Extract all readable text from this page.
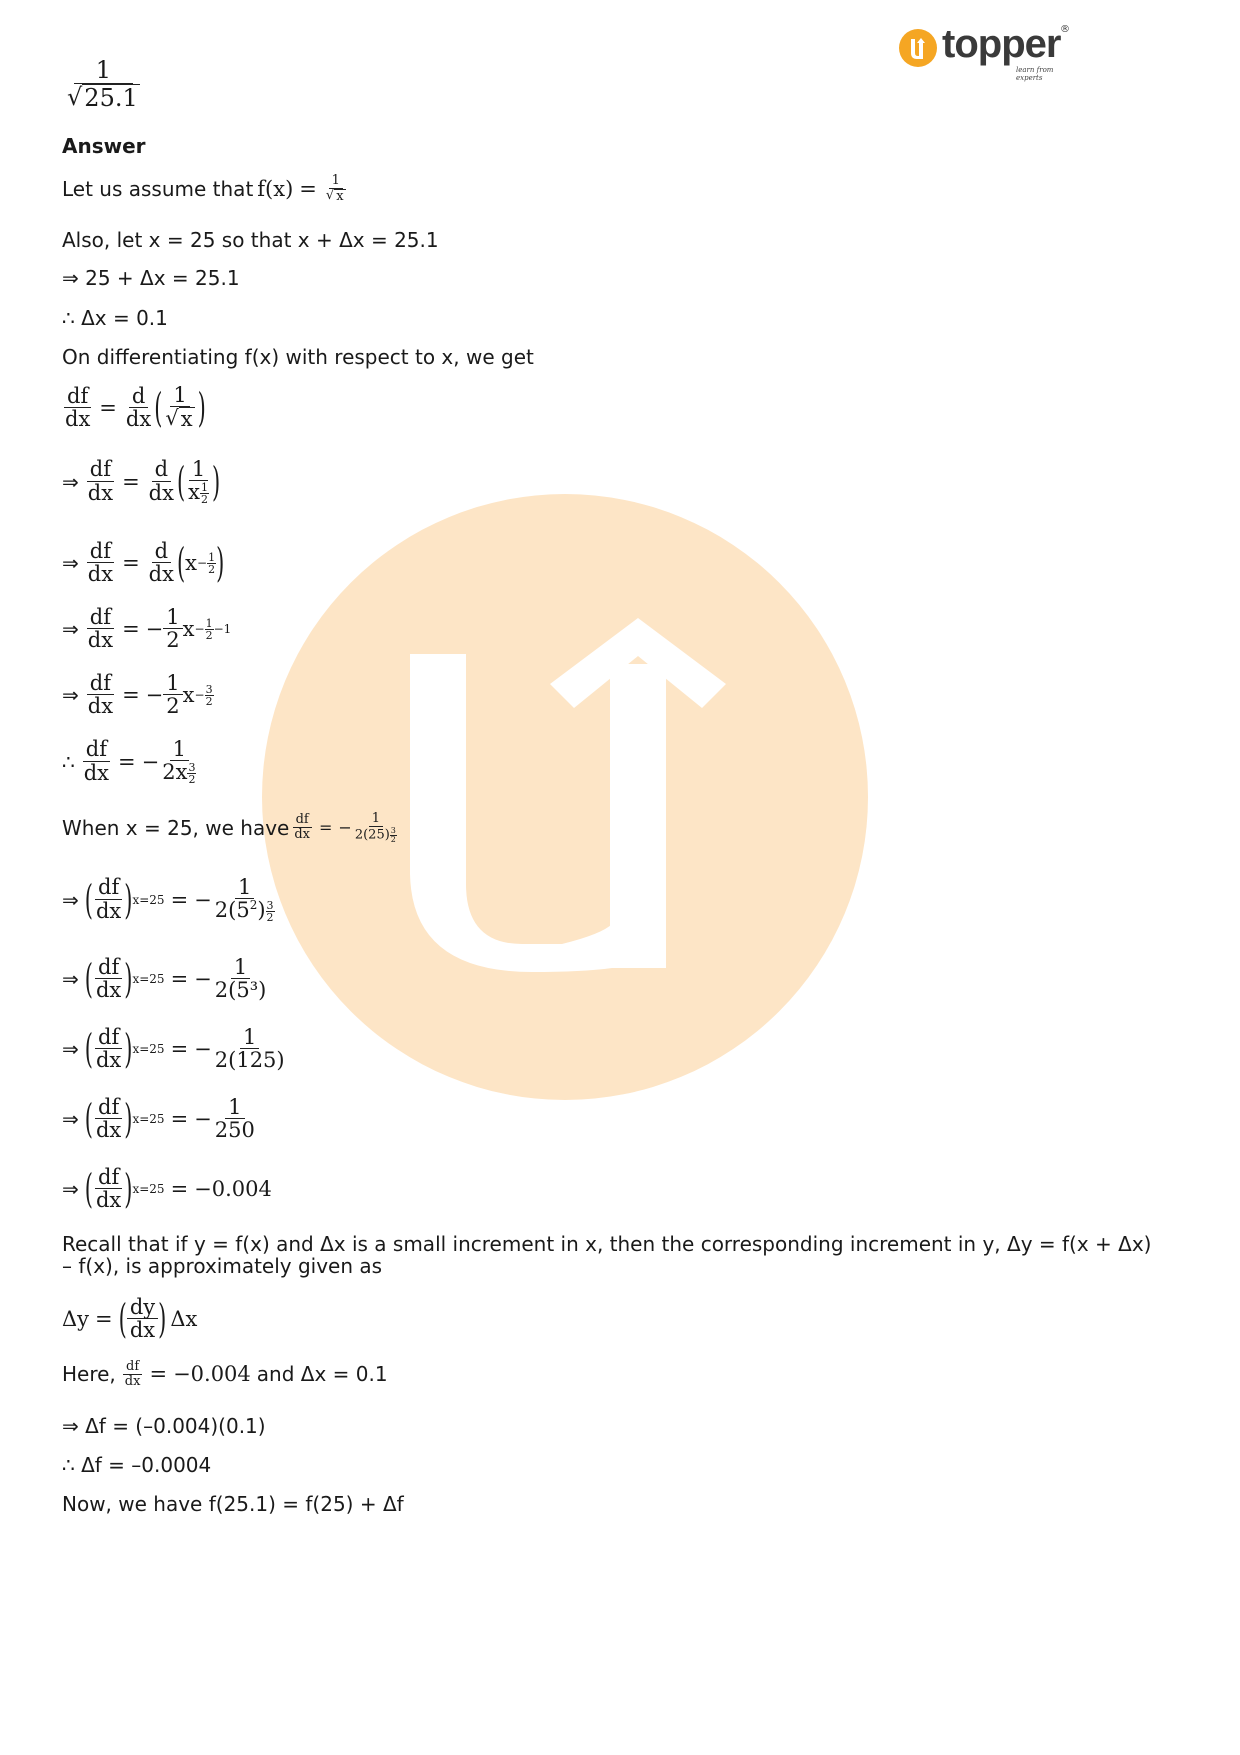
topper ®
learn from experts
$\frac{1}{√ 25.1}$
Answer
Let us assume that $f(x) = \frac{1}{√ x}$
Also, let x = 25 so that x + Δx = 25.1
⇒ 25 + Δx = 25.1
∴ Δx = 0.1
On differentiating f(x) with respect to x, we get
$\frac{df}{dx} = \frac{d}{dx}$ ( $\frac{1}{√ x}$ )
⇒ $\frac{df}{dx} = \frac{d}{dx}$ ( $\frac{1}{x \frac{1}{2}}$ )
⇒ $\frac{df}{dx} = \frac{d}{dx}$ ( $x - \frac{1}{2}$ )
⇒ $\frac{df}{dx}$ = − $\frac{1}{2}$ $x - \frac{1}{2} -1$
⇒ $\frac{df}{dx}$ = − $\frac{1}{2}$ $x - \frac{3}{2}$
∴ $\frac{df}{dx}$ = − $\frac{1}{2x \frac{3}{2}}$
When x = 25, we have $\frac{df}{dx}$ = − $\frac{1}{2(25) \frac{3}{2}}$
⇒ ( $\frac{df}{dx}$ ) x=25 = − $\frac{1}{2(5^2) \frac{3}{2}}$
⇒ ( $\frac{df}{dx}$ ) x=25 = − $\frac{1}{\text{2(5³)}}$
⇒ ( $\frac{df}{dx}$ ) x=25 = − $\frac{1}{2(125)}$
⇒ ( $\frac{df}{dx}$ ) x=25 = − $\frac{1}{250}$
⇒ ( $\frac{df}{dx}$ ) x=25 = −0.004
Recall that if y = f(x) and Δx is a small increment in x, then the corresponding increment in y, Δy = f(x + Δx)
– f(x), is approximately given as
Δy = ( $\frac{dy}{dx}$ ) Δx
Here, $\frac{df}{dx} = -0.004$ and Δx = 0.1
⇒ Δf = (–0.004)(0.1)
∴ Δf = –0.0004
Now, we have f(25.1) = f(25) + Δf
